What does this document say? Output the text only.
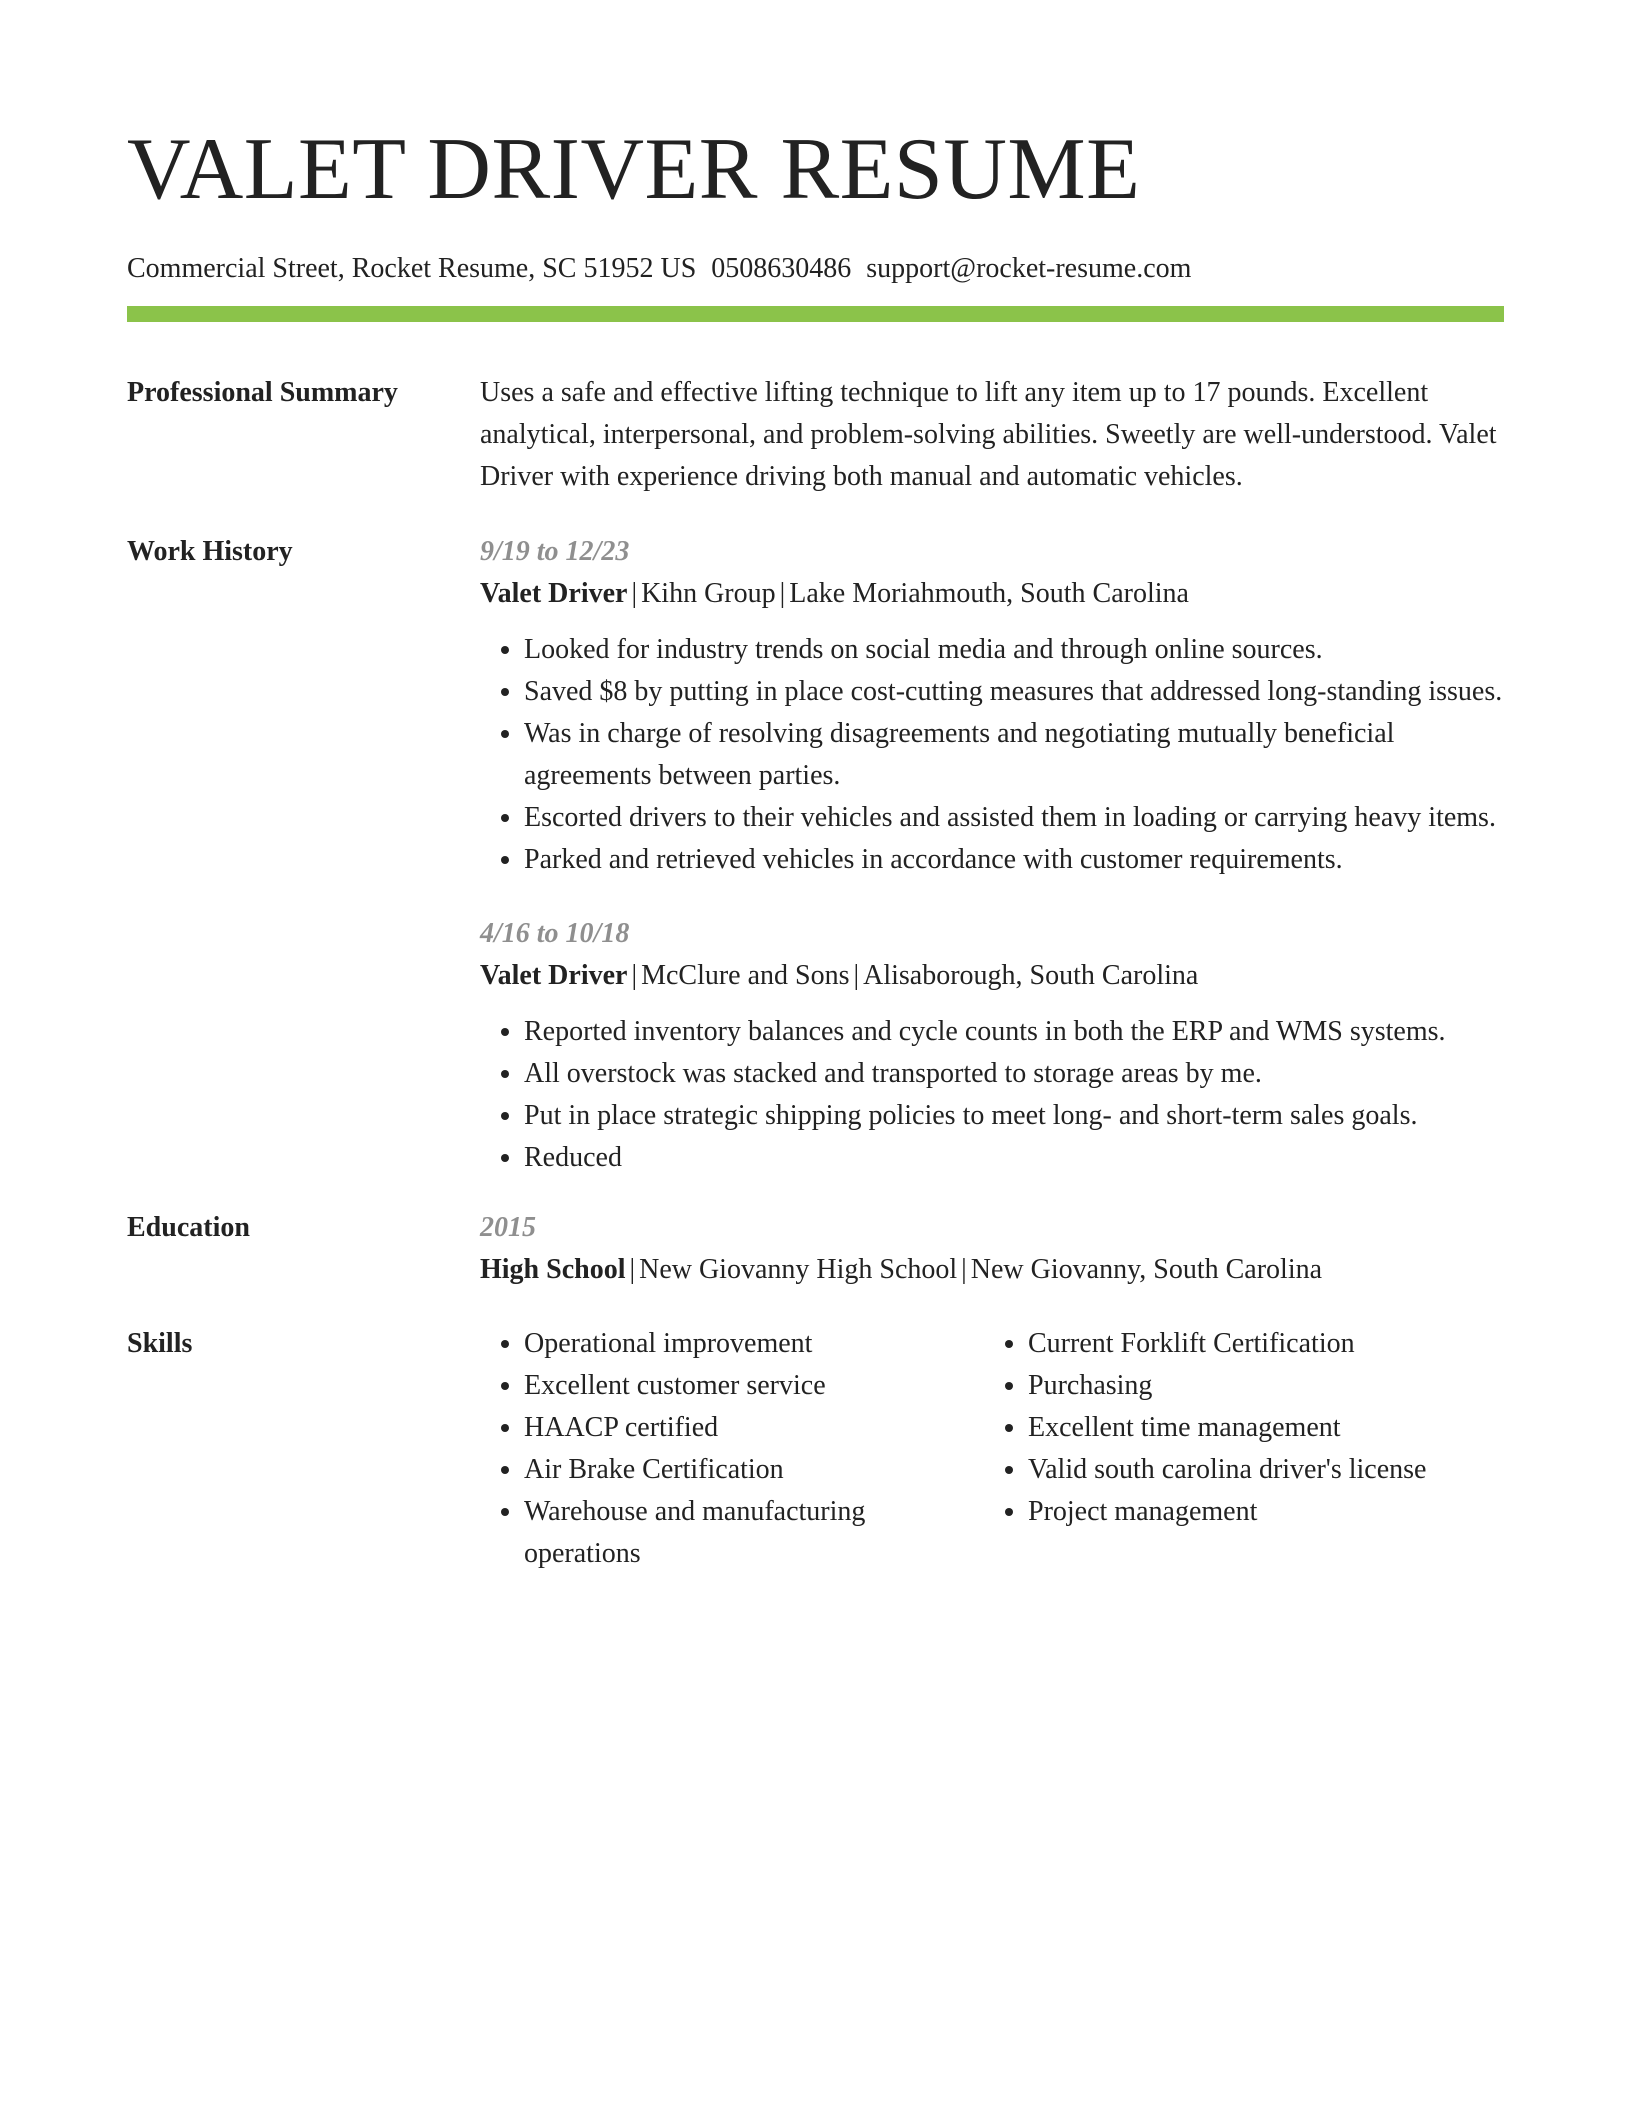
VALET DRIVER RESUME
Commercial Street, Rocket Resume, SC 51952 US 0508630486 support@rocket-resume.com
Professional Summary	Uses a safe and effective lifting technique to lift any item up to 17 pounds. Excellent analytical, interpersonal, and problem-solving abilities. Sweetly are well-understood. Valet Driver with experience driving both manual and automatic vehicles.
Work History	9/19 to 12/23
Valet Driver | Kihn Group | Lake Moriahmouth, South Carolina
• Looked for industry trends on social media and through online sources.
• Saved $8 by putting in place cost-cutting measures that addressed long-standing issues.
• Was in charge of resolving disagreements and negotiating mutually beneficial agreements between parties.
• Escorted drivers to their vehicles and assisted them in loading or carrying heavy items.
• Parked and retrieved vehicles in accordance with customer requirements.
4/16 to 10/18
Valet Driver | McClure and Sons | Alisaborough, South Carolina
• Reported inventory balances and cycle counts in both the ERP and WMS systems.
• All overstock was stacked and transported to storage areas by me.
• Put in place strategic shipping policies to meet long- and short-term sales goals.
• Reduced
Education	2015
High School | New Giovanny High School | New Giovanny, South Carolina
Skills
•	Operational improvement
• Excellent customer service
• HAACP certified
• Air Brake Certification
• Warehouse and manufacturing operations
• Current Forklift Certification
• Purchasing
• Excellent time management
• Valid south carolina driver's license
• Project management
